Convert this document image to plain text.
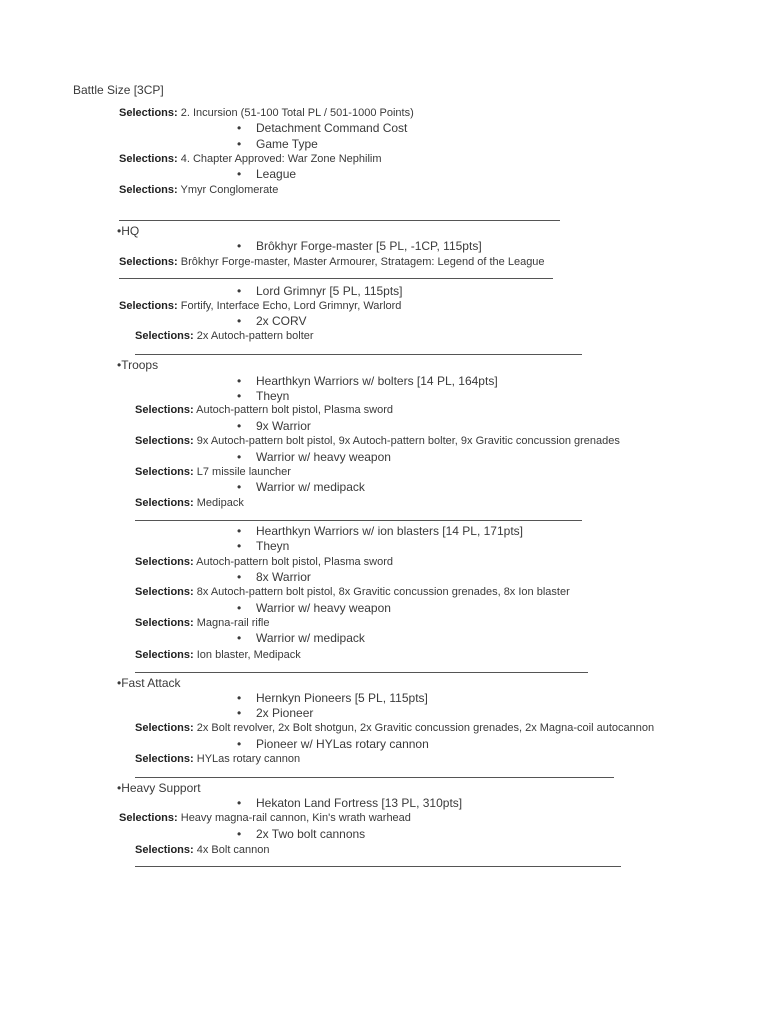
Battle Size [3CP]
Selections: 2. Incursion (51-100 Total PL / 501-1000 Points)
• Detachment Command Cost
• Game Type
Selections: 4. Chapter Approved: War Zone Nephilim
• League
Selections: Ymyr Conglomerate
•HQ
• Brôkhyr Forge-master [5 PL, -1CP, 115pts]
Selections: Brôkhyr Forge-master, Master Armourer, Stratagem: Legend of the League
• Lord Grimnyr [5 PL, 115pts]
Selections: Fortify, Interface Echo, Lord Grimnyr, Warlord
• 2x CORV
Selections: 2x Autoch-pattern bolter
•Troops
• Hearthkyn Warriors w/ bolters [14 PL, 164pts]
• Theyn
Selections: Autoch-pattern bolt pistol, Plasma sword
• 9x Warrior
Selections: 9x Autoch-pattern bolt pistol, 9x Autoch-pattern bolter, 9x Gravitic concussion grenades
• Warrior w/ heavy weapon
Selections: L7 missile launcher
• Warrior w/ medipack
Selections: Medipack
• Hearthkyn Warriors w/ ion blasters [14 PL, 171pts]
• Theyn
Selections: Autoch-pattern bolt pistol, Plasma sword
• 8x Warrior
Selections: 8x Autoch-pattern bolt pistol, 8x Gravitic concussion grenades, 8x Ion blaster
• Warrior w/ heavy weapon
Selections: Magna-rail rifle
• Warrior w/ medipack
Selections: Ion blaster, Medipack
•Fast Attack
• Hernkyn Pioneers [5 PL, 115pts]
• 2x Pioneer
Selections: 2x Bolt revolver, 2x Bolt shotgun, 2x Gravitic concussion grenades, 2x Magna-coil autocannon
• Pioneer w/ HYLas rotary cannon
Selections: HYLas rotary cannon
•Heavy Support
• Hekaton Land Fortress [13 PL, 310pts]
Selections: Heavy magna-rail cannon, Kin's wrath warhead
• 2x Two bolt cannons
Selections: 4x Bolt cannon
